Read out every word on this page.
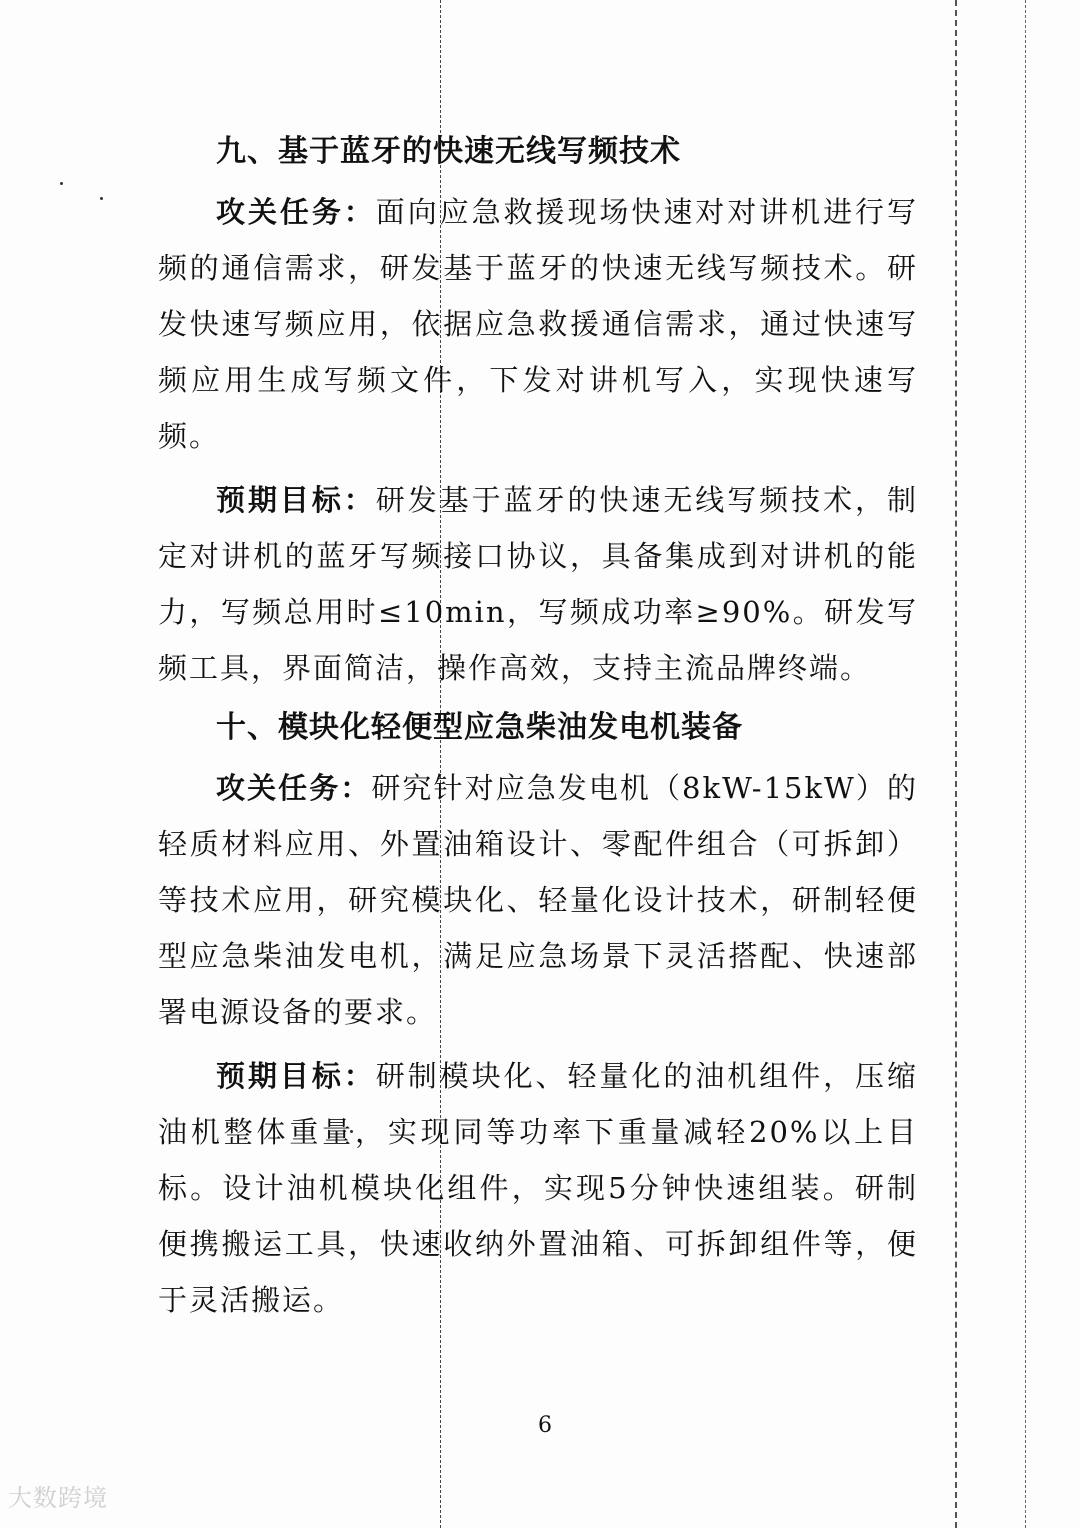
九、基于蓝牙的快速无线写频技术

攻关任务：面向应急救援现场快速对对讲机进行写频的通信需求，研发基于蓝牙的快速无线写频技术。研发快速写频应用，依据应急救援通信需求，通过快速写频应用生成写频文件，下发对讲机写入，实现快速写频。

预期目标：研发基于蓝牙的快速无线写频技术，制定对讲机的蓝牙写频接口协议，具备集成到对讲机的能力，写频总用时≤10min，写频成功率≥90%。研发写频工具，界面简洁，操作高效，支持主流品牌终端。

十、模块化轻便型应急柴油发电机装备

攻关任务：研究针对应急发电机（8kW-15kW）的轻质材料应用、外置油箱设计、零配件组合（可拆卸）等技术应用，研究模块化、轻量化设计技术，研制轻便型应急柴油发电机，满足应急场景下灵活搭配、快速部署电源设备的要求。

预期目标：研制模块化、轻量化的油机组件，压缩油机整体重量，实现同等功率下重量减轻20%以上目标。设计油机模块化组件，实现5分钟快速组装。研制便携搬运工具，快速收纳外置油箱、可拆卸组件等，便于灵活搬运。

6
大数跨境
